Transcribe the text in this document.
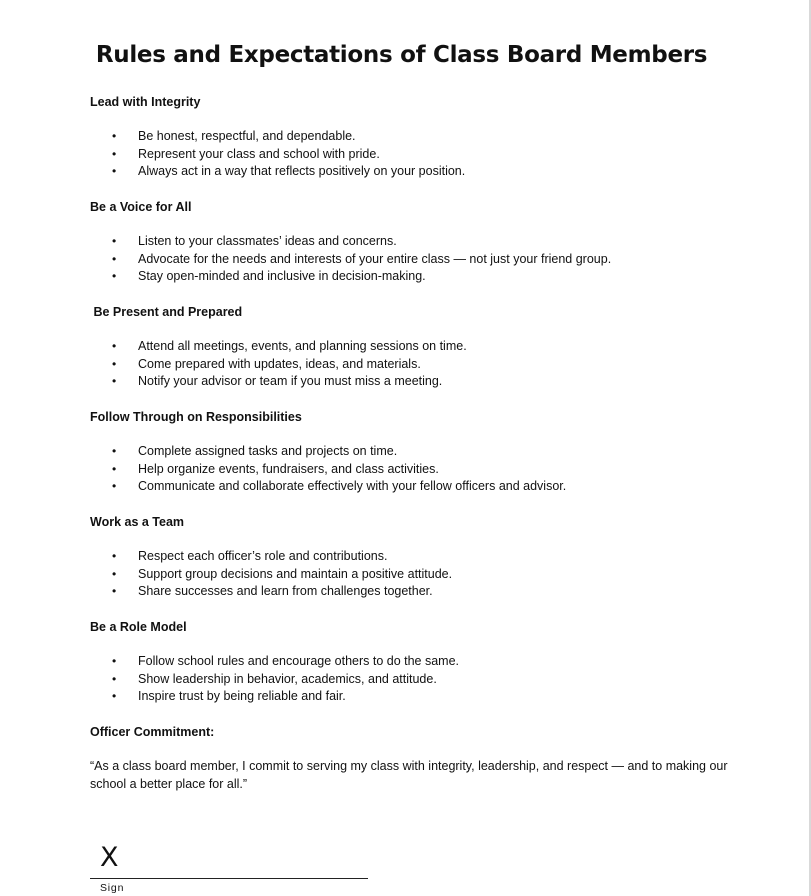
Rules and Expectations of Class Board Members
Lead with Integrity
• Be honest, respectful, and dependable.
• Represent your class and school with pride.
• Always act in a way that reflects positively on your position.
Be a Voice for All
• Listen to your classmates’ ideas and concerns.
• Advocate for the needs and interests of your entire class — not just your friend group.
• Stay open-minded and inclusive in decision-making.
Be Present and Prepared
• Attend all meetings, events, and planning sessions on time.
• Come prepared with updates, ideas, and materials.
• Notify your advisor or team if you must miss a meeting.
Follow Through on Responsibilities
• Complete assigned tasks and projects on time.
• Help organize events, fundraisers, and class activities.
• Communicate and collaborate effectively with your fellow officers and advisor.
Work as a Team
• Respect each officer’s role and contributions.
• Support group decisions and maintain a positive attitude.
• Share successes and learn from challenges together.
Be a Role Model
• Follow school rules and encourage others to do the same.
• Show leadership in behavior, academics, and attitude.
• Inspire trust by being reliable and fair.
Officer Commitment:

“As a class board member, I commit to serving my class with integrity, leadership, and respect — and to making our school a better place for all.”

X
Sign
